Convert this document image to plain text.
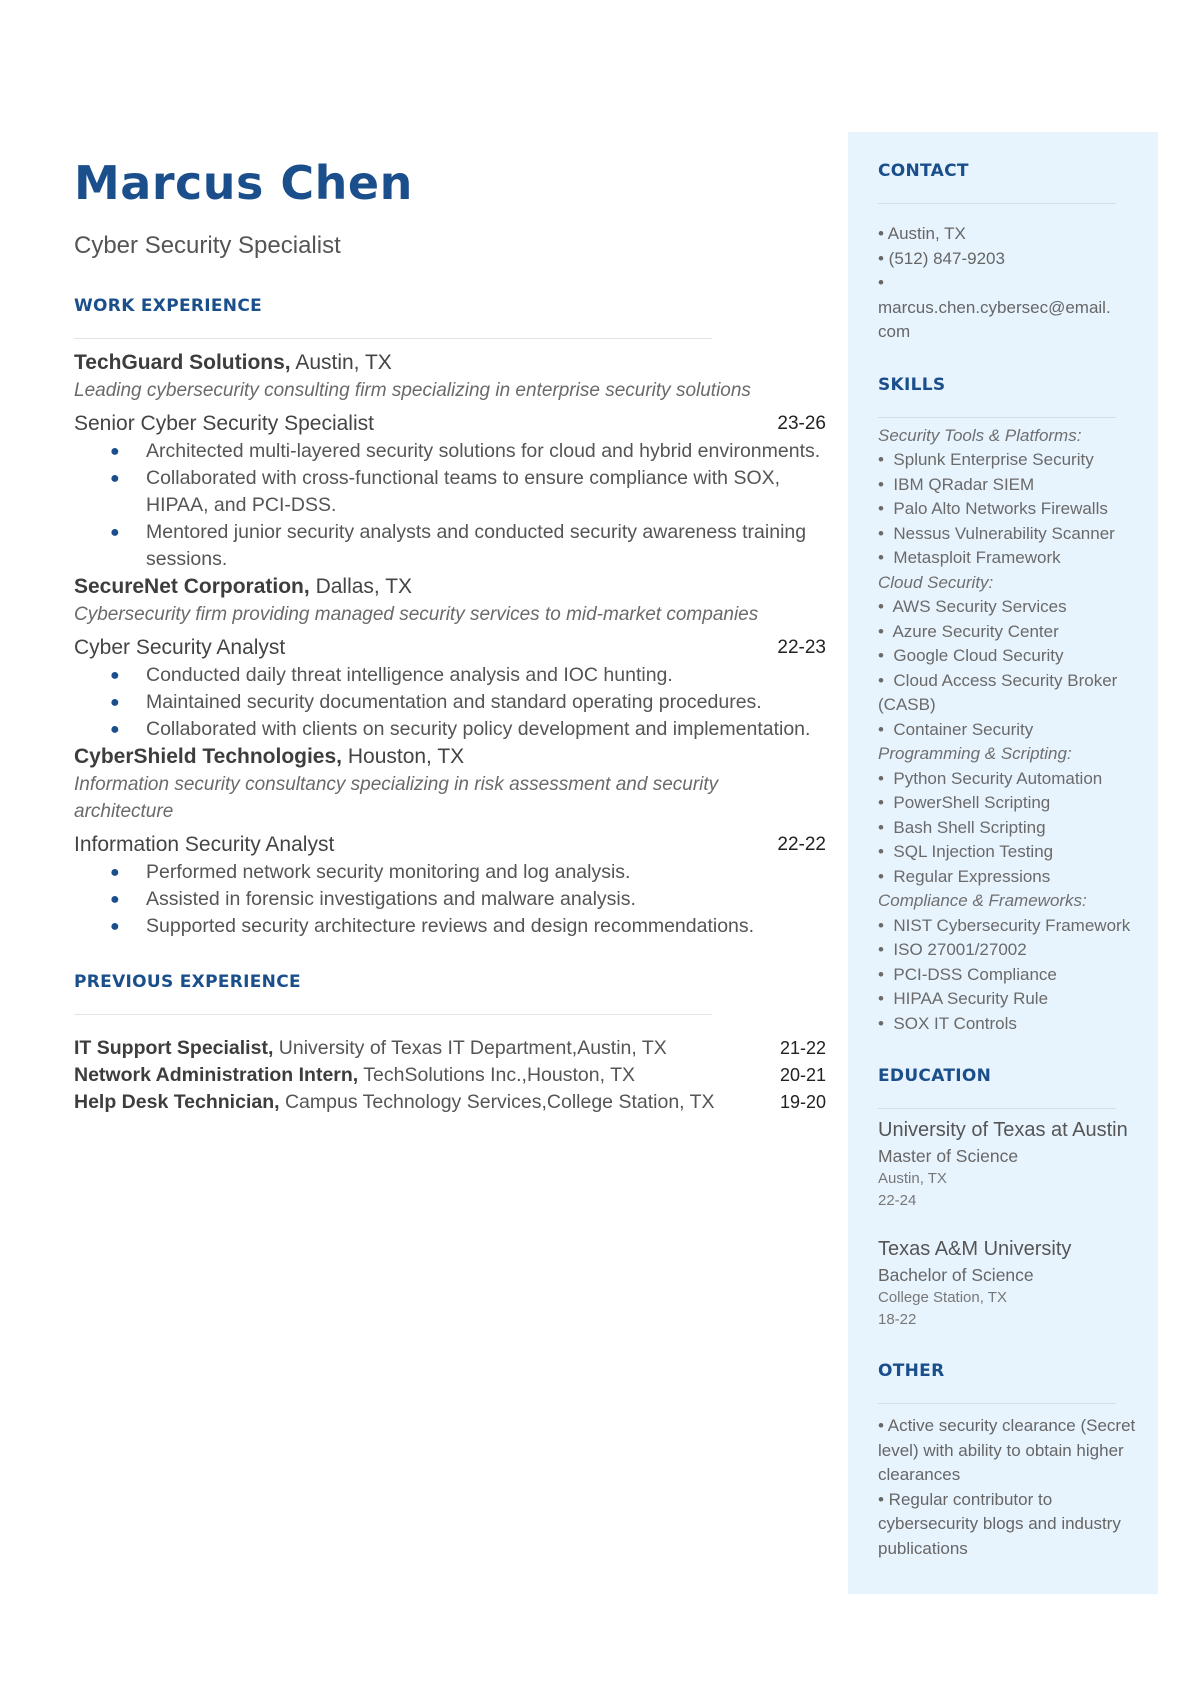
Marcus Chen
Cyber Security Specialist
WORK EXPERIENCE
TechGuard Solutions, Austin, TX
Leading cybersecurity consulting firm specializing in enterprise security solutions
Senior Cyber Security Specialist	23-26
● Architected multi-layered security solutions for cloud and hybrid environments.
● Collaborated with cross-functional teams to ensure compliance with SOX, HIPAA, and PCI-DSS.
● Mentored junior security analysts and conducted security awareness training sessions.
SecureNet Corporation, Dallas, TX
Cybersecurity firm providing managed security services to mid-market companies
Cyber Security Analyst	22-23
● Conducted daily threat intelligence analysis and IOC hunting.
● Maintained security documentation and standard operating procedures.
● Collaborated with clients on security policy development and implementation.
CyberShield Technologies, Houston, TX
Information security consultancy specializing in risk assessment and security architecture
Information Security Analyst	22-22
● Performed network security monitoring and log analysis.
● Assisted in forensic investigations and malware analysis.
● Supported security architecture reviews and design recommendations.
PREVIOUS EXPERIENCE
IT Support Specialist, University of Texas IT Department,Austin, TX	21-22
Network Administration Intern, TechSolutions Inc.,Houston, TX	20-21
Help Desk Technician, Campus Technology Services,College Station, TX	19-20
CONTACT
• Austin, TX
• (512) 847-9203
•
marcus.chen.cybersec@email.
com
SKILLS
Security Tools & Platforms:
•  Splunk Enterprise Security
•  IBM QRadar SIEM
•  Palo Alto Networks Firewalls
•  Nessus Vulnerability Scanner
•  Metasploit Framework
Cloud Security:
•  AWS Security Services
•  Azure Security Center
•  Google Cloud Security
•  Cloud Access Security Broker (CASB)
•  Container Security
Programming & Scripting:
•  Python Security Automation
•  PowerShell Scripting
•  Bash Shell Scripting
•  SQL Injection Testing
•  Regular Expressions
Compliance & Frameworks:
•  NIST Cybersecurity Framework
•  ISO 27001/27002
•  PCI-DSS Compliance
•  HIPAA Security Rule
•  SOX IT Controls
EDUCATION
University of Texas at Austin
Master of Science
Austin, TX
22-24
Texas A&M University
Bachelor of Science
College Station, TX
18-22
OTHER
• Active security clearance (Secret level) with ability to obtain higher clearances
• Regular contributor to cybersecurity blogs and industry publications
